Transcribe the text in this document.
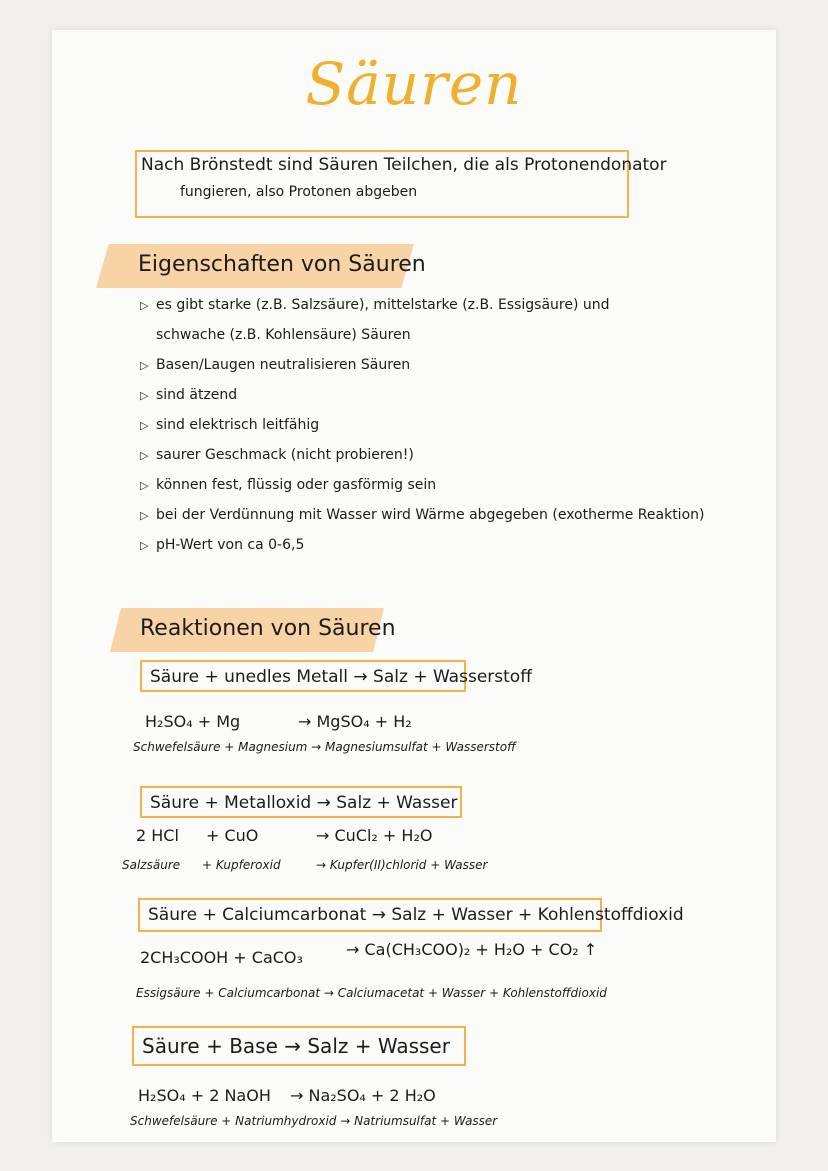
Säuren
Nach Brönstedt sind Säuren Teilchen, die als Protonendonator
fungieren, also Protonen abgeben
Eigenschaften von Säuren
▷ es gibt starke (z.B. Salzsäure), mittelstarke (z.B. Essigsäure) und
schwache (z.B. Kohlensäure) Säuren
▷ Basen/Laugen neutralisieren Säuren
▷ sind ätzend
▷ sind elektrisch leitfähig
▷ saurer Geschmack (nicht probieren!)
▷ können fest, flüssig oder gasförmig sein
▷ bei der Verdünnung mit Wasser wird Wärme abgegeben (exotherme Reaktion)
▷ pH-Wert von ca 0-6,5
Reaktionen von Säuren
Säure + unedles Metall → Salz + Wasserstoff
H₂SO₄ + Mg	→ MgSO₄ + H₂
Schwefelsäure + Magnesium → Magnesiumsulfat + Wasserstoff
Säure + Metalloxid → Salz + Wasser
2 HCl + CuO	→ CuCl₂ + H₂O
Salzsäure + Kupferoxid	→ Kupfer(II)chlorid + Wasser
Säure + Calciumcarbonat → Salz + Wasser + Kohlenstoffdioxid
2CH₃COOH + CaCO₃	→ Ca(CH₃COO)₂ + H₂O + CO₂ ↑
Essigsäure + Calciumcarbonat → Calciumacetat + Wasser + Kohlenstoffdioxid
Säure + Base → Salz + Wasser
H₂SO₄ + 2 NaOH → Na₂SO₄ + 2 H₂O
Schwefelsäure + Natriumhydroxid → Natriumsulfat + Wasser
